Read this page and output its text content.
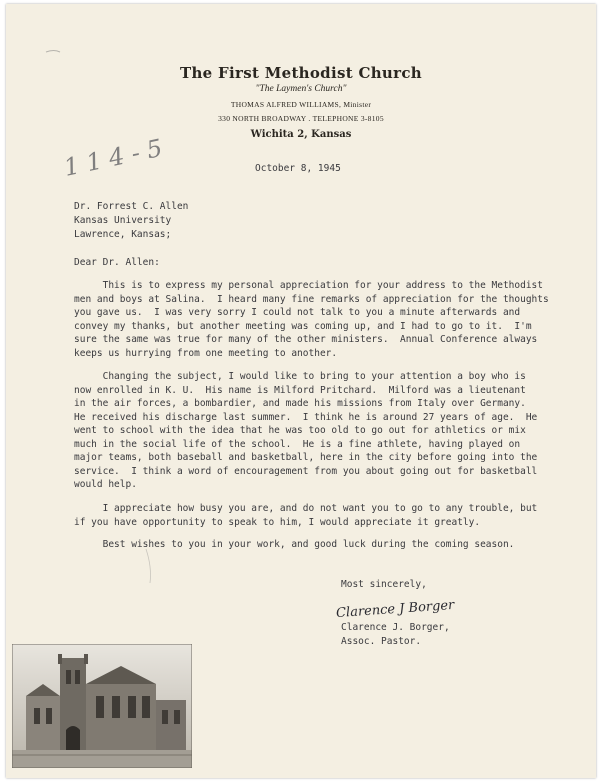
The First Methodist Church
"The Laymen's Church"
THOMAS ALFRED WILLIAMS, Minister
330 NORTH BROADWAY . TELEPHONE 3-8105
Wichita 2, Kansas
1 1 4 - 5	October 8, 1945
Dr. Forrest C. Allen
Kansas University
Lawrence, Kansas;
Dear Dr. Allen:
This is to express my personal appreciation for your address to the Methodist
men and boys at Salina.  I heard many fine remarks of appreciation for the thoughts
you gave us.  I was very sorry I could not talk to you a minute afterwards and
convey my thanks, but another meeting was coming up, and I had to go to it.  I'm
sure the same was true for many of the other ministers.  Annual Conference always
keeps us hurrying from one meeting to another.
Changing the subject, I would like to bring to your attention a boy who is
now enrolled in K. U.  His name is Milford Pritchard.  Milford was a lieutenant
in the air forces, a bombardier, and made his missions from Italy over Germany.
He received his discharge last summer.  I think he is around 27 years of age.  He
went to school with the idea that he was too old to go out for athletics or mix
much in the social life of the school.  He is a fine athlete, having played on
major teams, both baseball and basketball, here in the city before going into the
service.  I think a word of encouragement from you about going out for basketball
would help.
I appreciate how busy you are, and do not want you to go to any trouble, but
if you have opportunity to speak to him, I would appreciate it greatly.
Best wishes to you in your work, and good luck during the coming season.
Most sincerely,
Clarence J Borger
Clarence J. Borger,
Assoc. Pastor.
